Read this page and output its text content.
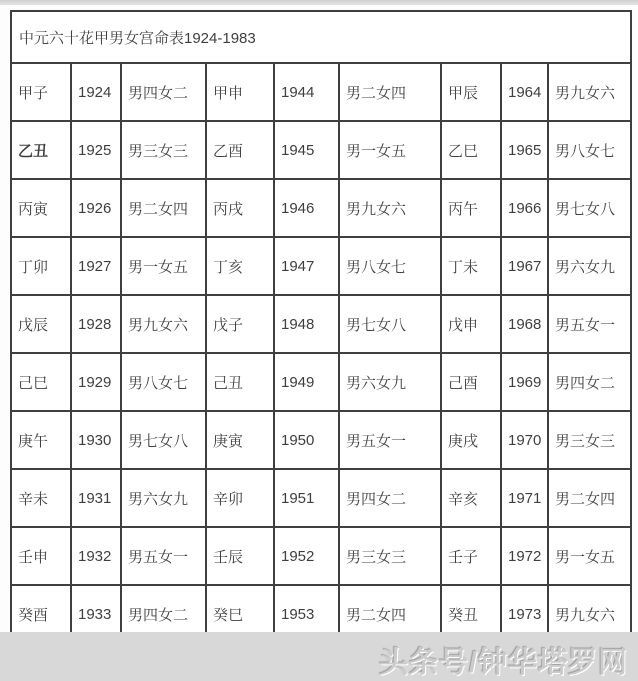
中元六十花甲男女宫命表1924-1983								
甲子	1924	男四女二	甲申	1944	男二女四	甲辰	1964	男九女六
乙丑	1925	男三女三	乙酉	1945	男一女五	乙巳	1965	男八女七
丙寅	1926	男二女四	丙戌	1946	男九女六	丙午	1966	男七女八
丁卯	1927	男一女五	丁亥	1947	男八女七	丁未	1967	男六女九
戊辰	1928	男九女六	戊子	1948	男七女八	戊申	1968	男五女一
己巳	1929	男八女七	己丑	1949	男六女九	己酉	1969	男四女二
庚午	1930	男七女八	庚寅	1950	男五女一	庚戌	1970	男三女三
辛未	1931	男六女九	辛卯	1951	男四女二	辛亥	1971	男二女四
壬申	1932	男五女一	壬辰	1952	男三女三	壬子	1972	男一女五
癸酉	1933	男四女二	癸巳	1953	男二女四	癸丑	1973	男九女六
头条号/钟华塔罗网
